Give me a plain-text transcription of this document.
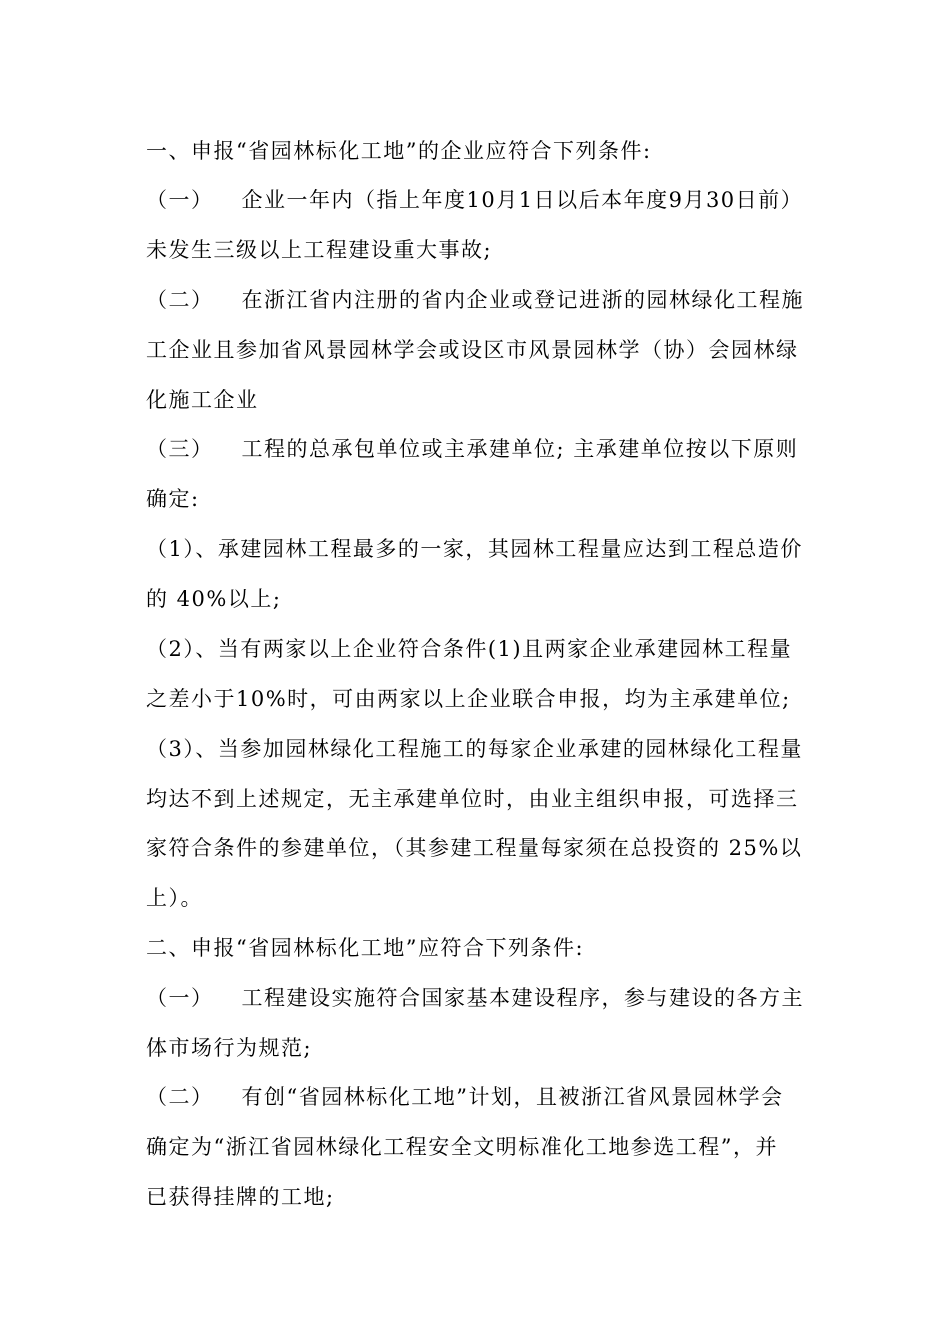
一、申报“省园林标化工地”的企业应符合下列条件:
（一） 企业一年内（指上年度10月1日以后本年度9月30日前）
未发生三级以上工程建设重大事故;
（二） 在浙江省内注册的省内企业或登记进浙的园林绿化工程施
工企业且参加省风景园林学会或设区市风景园林学（协）会园林绿
化施工企业
（三） 工程的总承包单位或主承建单位; 主承建单位按以下原则
确定:
（1）、承建园林工程最多的一家，其园林工程量应达到工程总造价
的 40%以上;
（2）、当有两家以上企业符合条件(1)且两家企业承建园林工程量
之差小于10%时，可由两家以上企业联合申报，均为主承建单位;
（3）、当参加园林绿化工程施工的每家企业承建的园林绿化工程量
均达不到上述规定，无主承建单位时，由业主组织申报，可选择三
家符合条件的参建单位，（其参建工程量每家须在总投资的 25%以
上）。
二、申报“省园林标化工地”应符合下列条件:
（一） 工程建设实施符合国家基本建设程序，参与建设的各方主
体市场行为规范;
（二） 有创“省园林标化工地”计划，且被浙江省风景园林学会
确定为“浙江省园林绿化工程安全文明标准化工地参选工程”，并
已获得挂牌的工地;
